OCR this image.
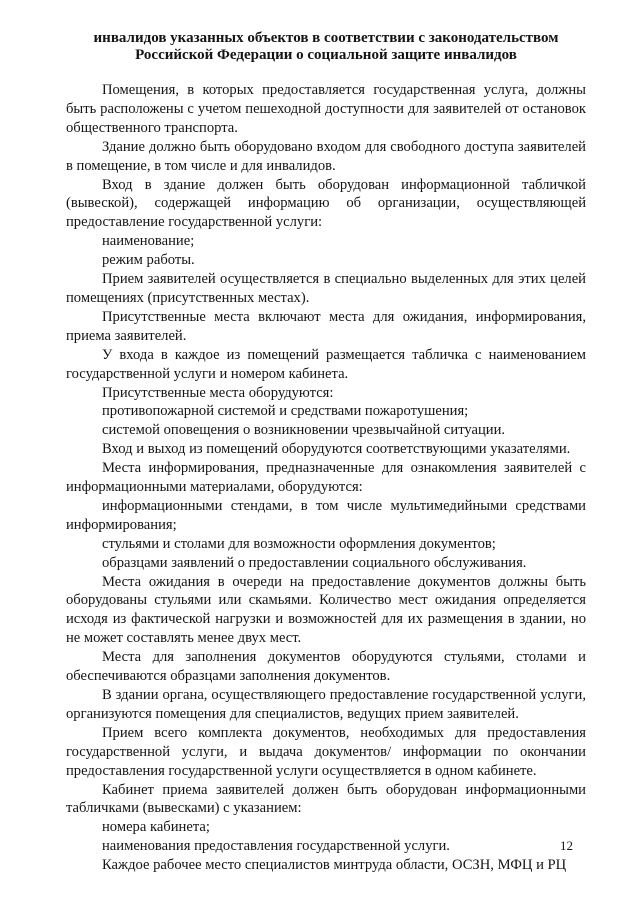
инвалидов указанных объектов в соответствии с законодательством
Российской Федерации о социальной защите инвалидов

Помещения, в которых предоставляется государственная услуга, должны быть расположены с учетом пешеходной доступности для заявителей от остановок общественного транспорта.

Здание должно быть оборудовано входом для свободного доступа заявителей в помещение, в том числе и для инвалидов.

Вход в здание должен быть оборудован информационной табличкой (вывеской), содержащей информацию об организации, осуществляющей предоставление государственной услуги:

наименование;

режим работы.

Прием заявителей осуществляется в специально выделенных для этих целей помещениях (присутственных местах).

Присутственные места включают места для ожидания, информирования, приема заявителей.

У входа в каждое из помещений размещается табличка с наименованием государственной услуги и номером кабинета.

Присутственные места оборудуются:

противопожарной системой и средствами пожаротушения;

системой оповещения о возникновении чрезвычайной ситуации.

Вход и выход из помещений оборудуются соответствующими указателями.

Места информирования, предназначенные для ознакомления заявителей с информационными материалами, оборудуются:

информационными стендами, в том числе мультимедийными средствами информирования;

стульями и столами для возможности оформления документов;

образцами заявлений о предоставлении социального обслуживания.

Места ожидания в очереди на предоставление документов должны быть оборудованы стульями или скамьями. Количество мест ожидания определяется исходя из фактической нагрузки и возможностей для их размещения в здании, но не может составлять менее двух мест.

Места для заполнения документов оборудуются стульями, столами и обеспечиваются образцами заполнения документов.

В здании органа, осуществляющего предоставление государственной услуги, организуются помещения для специалистов, ведущих прием заявителей.

Прием всего комплекта документов, необходимых для предоставления государственной услуги, и выдача документов/ информации по окончании предоставления государственной услуги осуществляется в одном кабинете.

Кабинет приема заявителей должен быть оборудован информационными табличками (вывесками) с указанием:

номера кабинета;

наименования предоставления государственной услуги.

Каждое рабочее место специалистов минтруда области, ОСЗН, МФЦ и РЦ

12
